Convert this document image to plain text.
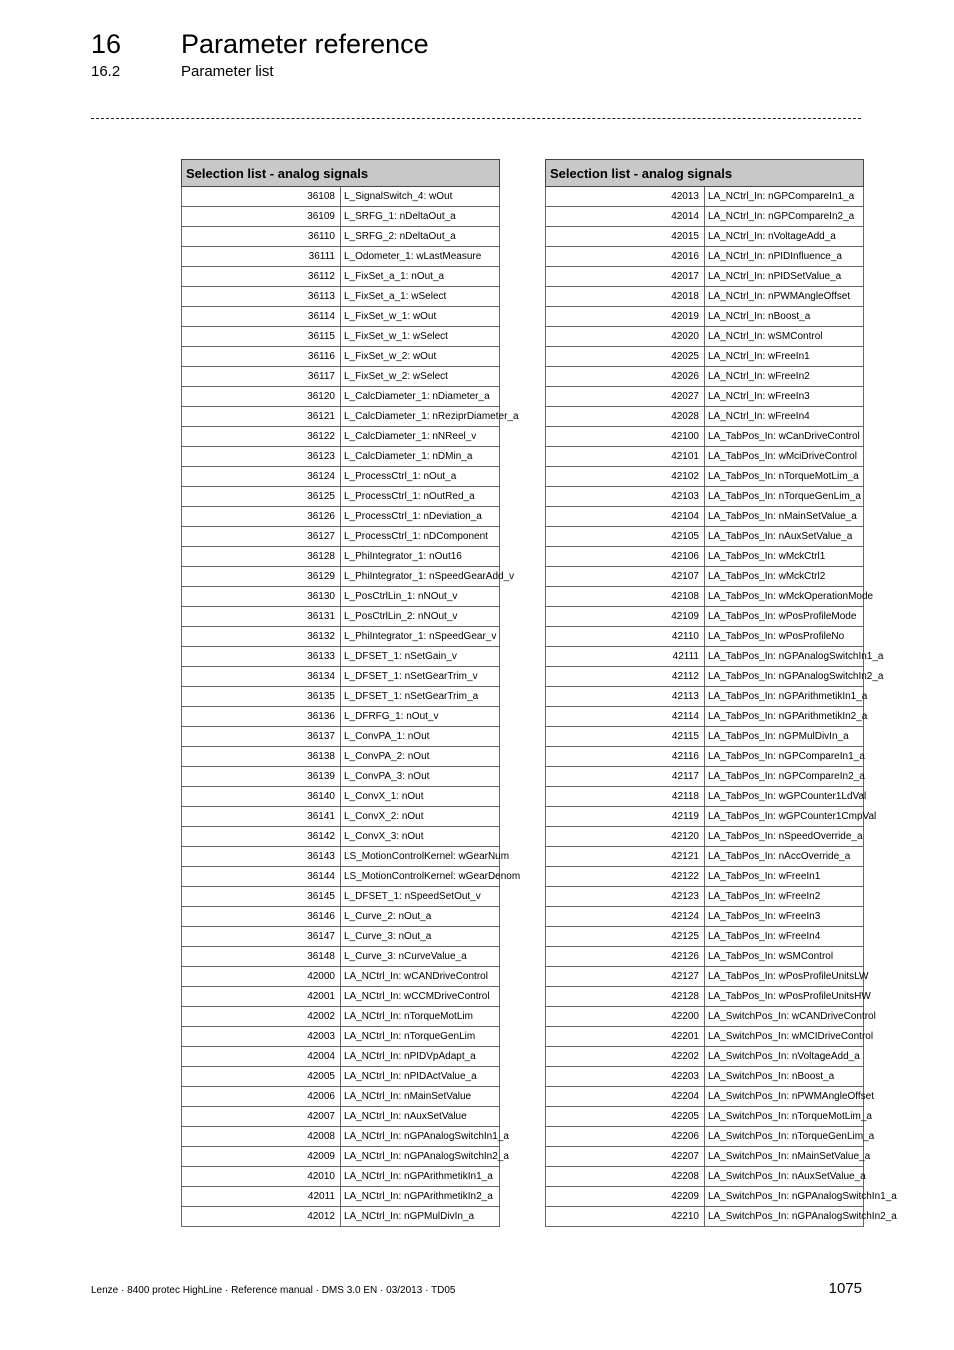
16 Parameter reference
16.2	Parameter list
Selection list - analog signals	
36108	L_SignalSwitch_4: wOut
36109	L_SRFG_1: nDeltaOut_a
36110	L_SRFG_2: nDeltaOut_a
36111	L_Odometer_1: wLastMeasure
36112	L_FixSet_a_1: nOut_a
36113	L_FixSet_a_1: wSelect
36114	L_FixSet_w_1: wOut
36115	L_FixSet_w_1: wSelect
36116	L_FixSet_w_2: wOut
36117	L_FixSet_w_2: wSelect
36120	L_CalcDiameter_1: nDiameter_a
36121	L_CalcDiameter_1: nReziprDiameter_a
36122	L_CalcDiameter_1: nNReel_v
36123	L_CalcDiameter_1: nDMin_a
36124	L_ProcessCtrl_1: nOut_a
36125	L_ProcessCtrl_1: nOutRed_a
36126	L_ProcessCtrl_1: nDeviation_a
36127	L_ProcessCtrl_1: nDComponent
36128	L_PhiIntegrator_1: nOut16
36129	L_PhiIntegrator_1: nSpeedGearAdd_v
36130	L_PosCtrlLin_1: nNOut_v
36131	L_PosCtrlLin_2: nNOut_v
36132	L_PhiIntegrator_1: nSpeedGear_v
36133	L_DFSET_1: nSetGain_v
36134	L_DFSET_1: nSetGearTrim_v
36135	L_DFSET_1: nSetGearTrim_a
36136	L_DFRFG_1: nOut_v
36137	L_ConvPA_1: nOut
36138	L_ConvPA_2: nOut
36139	L_ConvPA_3: nOut
36140	L_ConvX_1: nOut
36141	L_ConvX_2: nOut
36142	L_ConvX_3: nOut
36143	LS_MotionControlKernel: wGearNum
36144	LS_MotionControlKernel: wGearDenom
36145	L_DFSET_1: nSpeedSetOut_v
36146	L_Curve_2: nOut_a
36147	L_Curve_3: nOut_a
36148	L_Curve_3: nCurveValue_a
42000	LA_NCtrl_In: wCANDriveControl
42001	LA_NCtrl_In: wCCMDriveControl
42002	LA_NCtrl_In: nTorqueMotLim
42003	LA_NCtrl_In: nTorqueGenLim
42004	LA_NCtrl_In: nPIDVpAdapt_a
42005	LA_NCtrl_In: nPIDActValue_a
42006	LA_NCtrl_In: nMainSetValue
42007	LA_NCtrl_In: nAuxSetValue
42008	LA_NCtrl_In: nGPAnalogSwitchIn1_a
42009	LA_NCtrl_In: nGPAnalogSwitchIn2_a
42010	LA_NCtrl_In: nGPArithmetikIn1_a
42011	LA_NCtrl_In: nGPArithmetikIn2_a
42012	LA_NCtrl_In: nGPMulDivIn_a
Selection list - analog signals	
42013	LA_NCtrl_In: nGPCompareIn1_a
42014	LA_NCtrl_In: nGPCompareIn2_a
42015	LA_NCtrl_In: nVoltageAdd_a
42016	LA_NCtrl_In: nPIDInfluence_a
42017	LA_NCtrl_In: nPIDSetValue_a
42018	LA_NCtrl_In: nPWMAngleOffset
42019	LA_NCtrl_In: nBoost_a
42020	LA_NCtrl_In: wSMControl
42025	LA_NCtrl_In: wFreeIn1
42026	LA_NCtrl_In: wFreeIn2
42027	LA_NCtrl_In: wFreeIn3
42028	LA_NCtrl_In: wFreeIn4
42100	LA_TabPos_In: wCanDriveControl
42101	LA_TabPos_In: wMciDriveControl
42102	LA_TabPos_In: nTorqueMotLim_a
42103	LA_TabPos_In: nTorqueGenLim_a
42104	LA_TabPos_In: nMainSetValue_a
42105	LA_TabPos_In: nAuxSetValue_a
42106	LA_TabPos_In: wMckCtrl1
42107	LA_TabPos_In: wMckCtrl2
42108	LA_TabPos_In: wMckOperationMode
42109	LA_TabPos_In: wPosProfileMode
42110	LA_TabPos_In: wPosProfileNo
42111	LA_TabPos_In: nGPAnalogSwitchIn1_a
42112	LA_TabPos_In: nGPAnalogSwitchIn2_a
42113	LA_TabPos_In: nGPArithmetikIn1_a
42114	LA_TabPos_In: nGPArithmetikIn2_a
42115	LA_TabPos_In: nGPMulDivIn_a
42116	LA_TabPos_In: nGPCompareIn1_a
42117	LA_TabPos_In: nGPCompareIn2_a
42118	LA_TabPos_In: wGPCounter1LdVal
42119	LA_TabPos_In: wGPCounter1CmpVal
42120	LA_TabPos_In: nSpeedOverride_a
42121	LA_TabPos_In: nAccOverride_a
42122	LA_TabPos_In: wFreeIn1
42123	LA_TabPos_In: wFreeIn2
42124	LA_TabPos_In: wFreeIn3
42125	LA_TabPos_In: wFreeIn4
42126	LA_TabPos_In: wSMControl
42127	LA_TabPos_In: wPosProfileUnitsLW
42128	LA_TabPos_In: wPosProfileUnitsHW
42200	LA_SwitchPos_In: wCANDriveControl
42201	LA_SwitchPos_In: wMCIDriveControl
42202	LA_SwitchPos_In: nVoltageAdd_a
42203	LA_SwitchPos_In: nBoost_a
42204	LA_SwitchPos_In: nPWMAngleOffset
42205	LA_SwitchPos_In: nTorqueMotLim_a
42206	LA_SwitchPos_In: nTorqueGenLim_a
42207	LA_SwitchPos_In: nMainSetValue_a
42208	LA_SwitchPos_In: nAuxSetValue_a
42209	LA_SwitchPos_In: nGPAnalogSwitchIn1_a
42210	LA_SwitchPos_In: nGPAnalogSwitchIn2_a
Lenze · 8400 protec HighLine · Reference manual · DMS 3.0 EN · 03/2013 · TD05	1075
